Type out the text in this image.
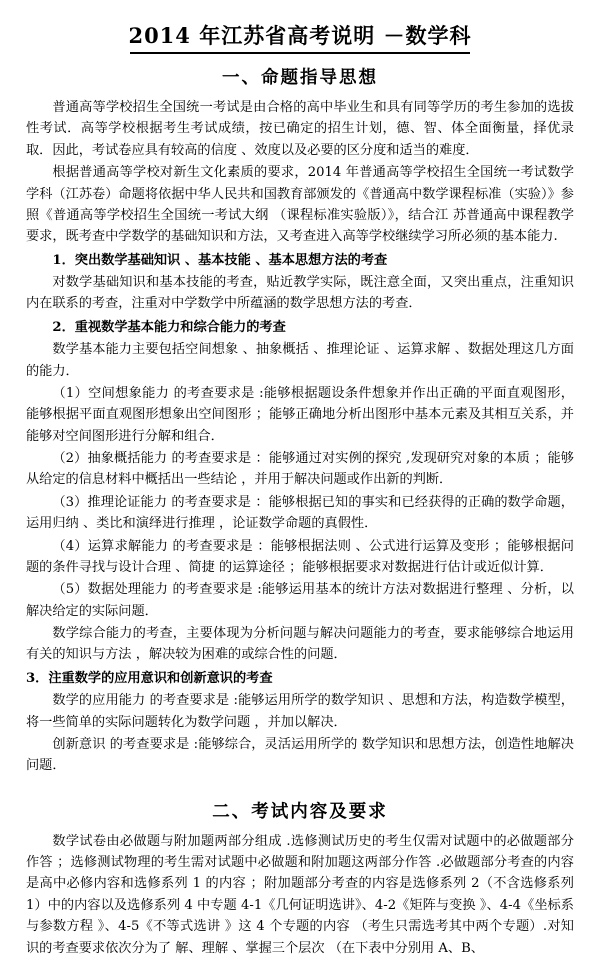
2014 年江苏省高考说明 －数学科
一、命题指导思想

普通高等学校招生全国统一考试是由合格的高中毕业生和具有同等学历的考生参加的选拔性考试．高等学校根据考生考试成绩，按已确定的招生计划，德、智、体全面衡量，择优录取．因此，考试卷应具有较高的信度 、效度以及必要的区分度和适当的难度．

根据普通高等学校对新生文化素质的要求，2014 年普通高等学校招生全国统一考试数学学科（江苏卷）命题将依据中华人民共和国教育部颁发的《普通高中数学课程标准（实验）》参照《普通高等学校招生全国统一考试大纲 （课程标准实验版）》，结合江 苏普通高中课程教学要求，既考查中学数学的基础知识和方法，又考查进入高等学校继续学习所必须的基本能力.

1．突出数学基础知识 、基本技能 、基本思想方法的考查

对数学基础知识和基本技能的考查，贴近教学实际，既注意全面，又突出重点，注重知识内在联系的考查，注重对中学数学中所蕴涵的数学思想方法的考查．

2．重视数学基本能力和综合能力的考查

数学基本能力主要包括空间想象 、抽象概括 、推理论证 、运算求解 、数据处理这几方面的能力．

（1）空间想象能力 的考查要求是 :能够根据题设条件想象并作出正确的平面直观图形，能够根据平面直观图形想象出空间图形 ；能够正确地分析出图形中基本元素及其相互关系，并能够对空间图形进行分解和组合．

（2）抽象概括能力 的考查要求是 ：能够通过对实例的探究 ,发现研究对象的本质 ；能够从给定的信息材料中概括出一些结论 ，并用于解决问题或作出新的判断．

（3）推理论证能力 的考查要求是 ：能够根据已知的事实和已经获得的正确的数学命题，运用归纳 、类比和演绎进行推理 ，论证数学命题的真假性．

（4）运算求解能力 的考查要求是 ：能够根据法则 、公式进行运算及变形 ；能够根据问题的条件寻找与设计合理 、简捷 的运算途径 ；能够根据要求对数据进行估计或近似计算．

（5）数据处理能力 的考查要求是 :能够运用基本的统计方法对数据进行整理 、分析，以解决给定的实际问题．

数学综合能力的考查，主要体现为分析问题与解决问题能力的考查，要求能够综合地运用有关的知识与方法 ，解决较为困难的或综合性的问题．

3．注重数学的应用意识和创新意识的考查

数学的应用能力 的考查要求是 :能够运用所学的数学知识 、思想和方法，构造数学模型，将一些简单的实际问题转化为数学问题 ，并加以解决．

创新意识 的考查要求是 :能够综合，灵活运用所学的 数学知识和思想方法，创造性地解决问题．

二、考试内容及要求

数学试卷由必做题与附加题两部分组成 .选修测试历史的考生仅需对试题中的必做题部分作答 ；选修测试物理的考生需对试题中必做题和附加题这两部分作答 .必做题部分考查的内容是高中必修内容和选修系列 1 的内容 ；附加题部分考查的内容是选修系列 2（不含选修系列 1）中的内容以及选修系列 4 中专题 4-1《几何证明选讲》、4-2《矩阵与变换 》、4-4《坐标系与参数方程 》、4-5《不等式选讲 》这 4 个专题的内容 （考生只需选考其中两个专题）.对知识的考查要求依次分为了 解、理解 、掌握三个层次 （在下表中分别用 A、B、
